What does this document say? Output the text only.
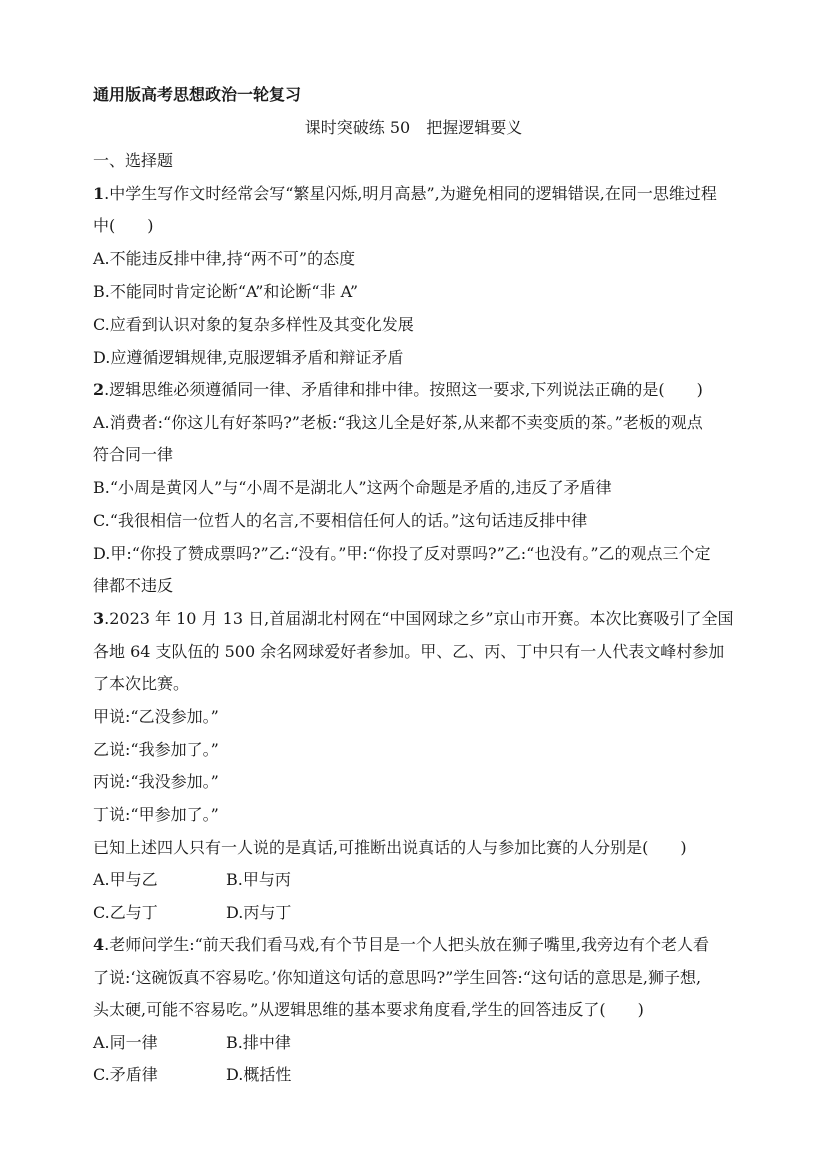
通用版高考思想政治一轮复习
课时突破练 50　把握逻辑要义
一、选择题
1.中学生写作文时经常会写“繁星闪烁,明月高悬”,为避免相同的逻辑错误,在同一思维过程
中(　　)
A.不能违反排中律,持“两不可”的态度
B.不能同时肯定论断“A”和论断“非 A”
C.应看到认识对象的复杂多样性及其变化发展
D.应遵循逻辑规律,克服逻辑矛盾和辩证矛盾
2.逻辑思维必须遵循同一律、矛盾律和排中律。按照这一要求,下列说法正确的是(　　)
A.消费者:“你这儿有好茶吗?”老板:“我这儿全是好茶,从来都不卖变质的茶。”老板的观点
符合同一律
B.“小周是黄冈人”与“小周不是湖北人”这两个命题是矛盾的,违反了矛盾律
C.“我很相信一位哲人的名言,不要相信任何人的话。”这句话违反排中律
D.甲:“你投了赞成票吗?”乙:“没有。”甲:“你投了反对票吗?”乙:“也没有。”乙的观点三个定
律都不违反
3.2023 年 10 月 13 日,首届湖北村网在“中国网球之乡”京山市开赛。本次比赛吸引了全国
各地 64 支队伍的 500 余名网球爱好者参加。甲、乙、丙、丁中只有一人代表文峰村参加
了本次比赛。
甲说:“乙没参加。”
乙说:“我参加了。”
丙说:“我没参加。”
丁说:“甲参加了。”
已知上述四人只有一人说的是真话,可推断出说真话的人与参加比赛的人分别是(　　)
A.甲与乙	B.甲与丙
C.乙与丁	D.丙与丁
4.老师问学生:“前天我们看马戏,有个节目是一个人把头放在狮子嘴里,我旁边有个老人看
了说:‘这碗饭真不容易吃。’你知道这句话的意思吗?”学生回答:“这句话的意思是,狮子想,
头太硬,可能不容易吃。”从逻辑思维的基本要求角度看,学生的回答违反了(　　)
A.同一律	B.排中律
C.矛盾律	D.概括性
